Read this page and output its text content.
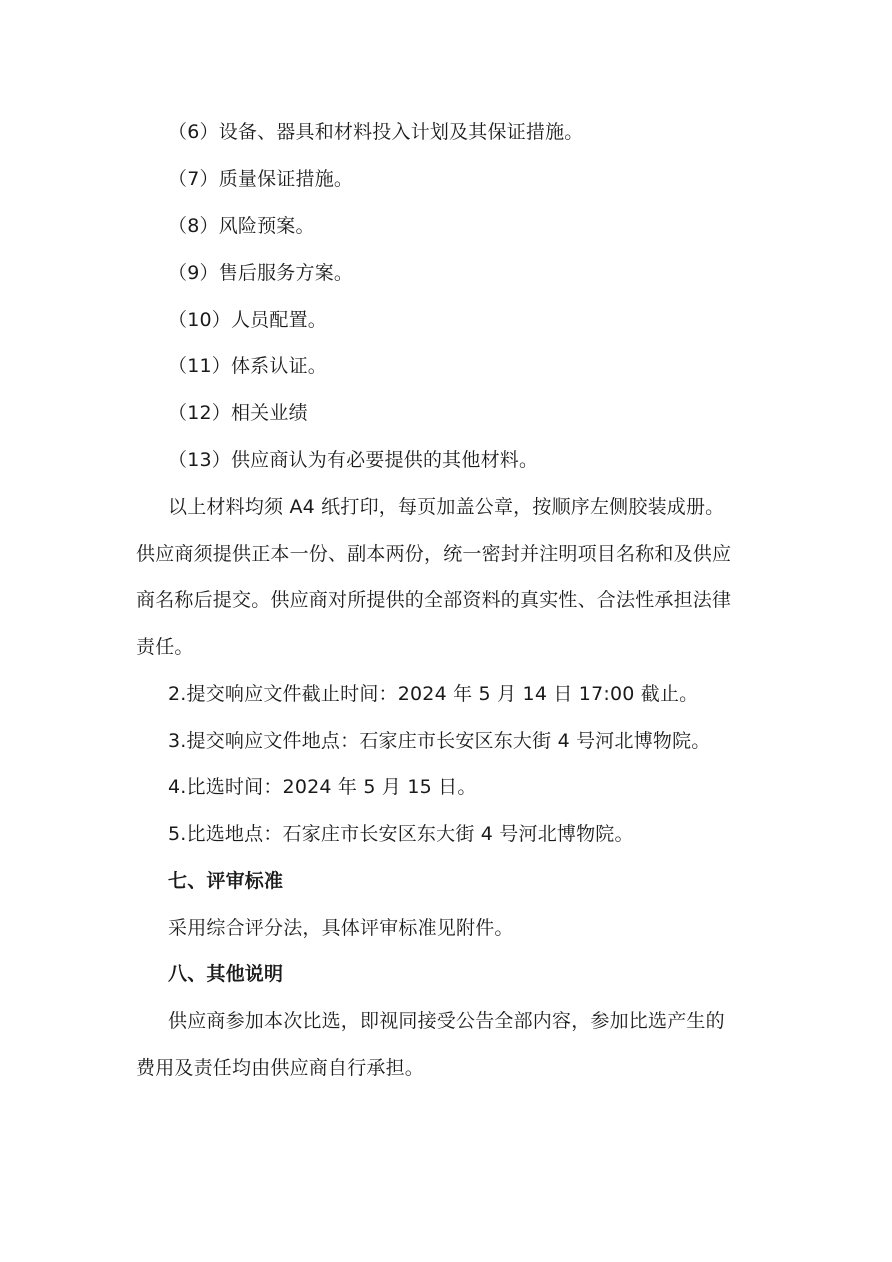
（6）设备、器具和材料投入计划及其保证措施。
（7）质量保证措施。
（8）风险预案。
（9）售后服务方案。
（10）人员配置。
（11）体系认证。
（12）相关业绩
（13）供应商认为有必要提供的其他材料。
以上材料均须 A4 纸打印，每页加盖公章，按顺序左侧胶装成册。
供应商须提供正本一份、副本两份，统一密封并注明项目名称和及供应
商名称后提交。供应商对所提供的全部资料的真实性、合法性承担法律
责任。
2.提交响应文件截止时间：2024 年 5 月 14 日 17:00 截止。
3.提交响应文件地点：石家庄市长安区东大街 4 号河北博物院。
4.比选时间：2024 年 5 月 15 日。
5.比选地点：石家庄市长安区东大街 4 号河北博物院。
七、评审标准
采用综合评分法，具体评审标准见附件。
八、其他说明
供应商参加本次比选，即视同接受公告全部内容，参加比选产生的
费用及责任均由供应商自行承担。
